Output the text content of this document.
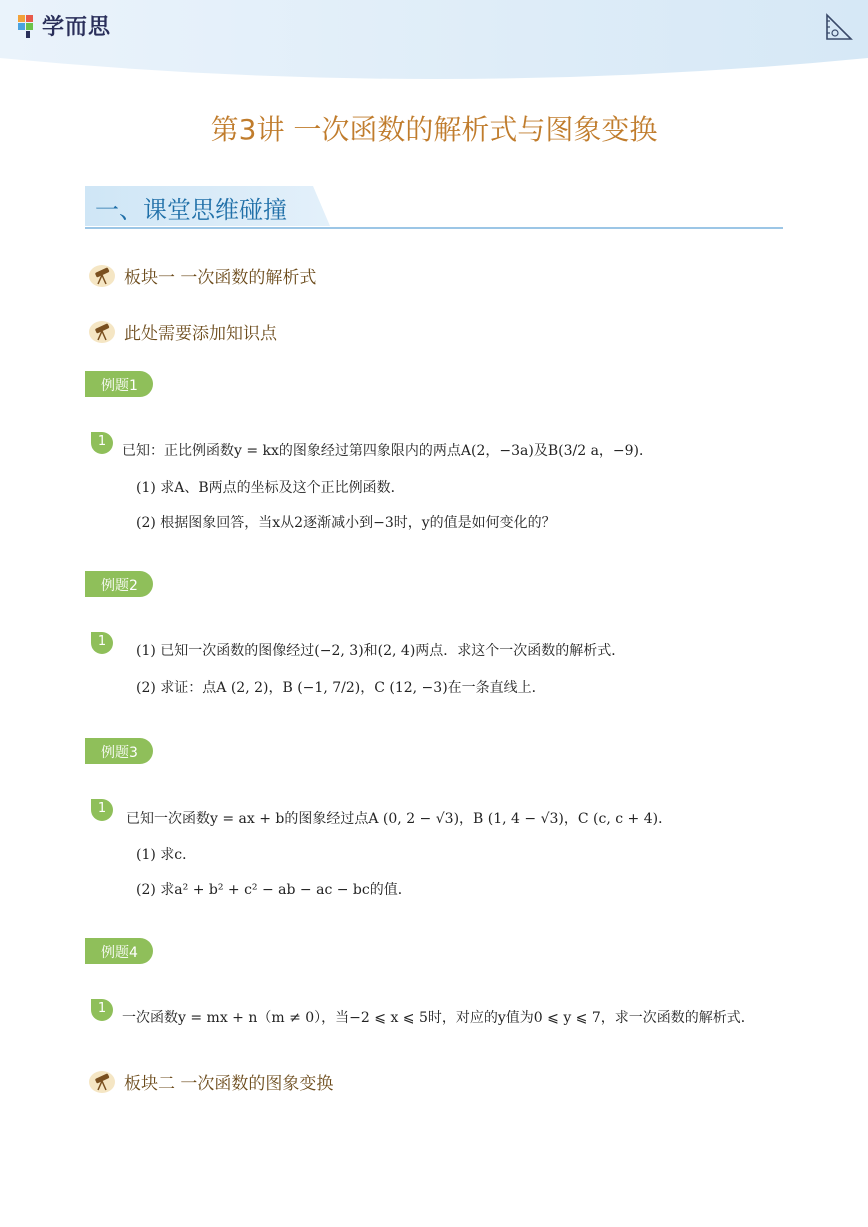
学而思
第3讲 一次函数的解析式与图象变换
一、课堂思维碰撞
板块一 一次函数的解析式
此处需要添加知识点
例题1
1
已知：正比例函数y = kx的图象经过第四象限内的两点A(2，−3a)及B(3/2 a，−9)．
(1) 求A、B两点的坐标及这个正比例函数．
(2) 根据图象回答，当x从2逐渐减小到−3时，y的值是如何变化的？
例题2
1
(1) 已知一次函数的图像经过(−2, 3)和(2, 4)两点．求这个一次函数的解析式．
(2) 求证：点A (2, 2)，B (−1, 7/2)，C (12, −3)在一条直线上．
例题3
1
已知一次函数y = ax + b的图象经过点A (0, 2 − √3)，B (1, 4 − √3)，C (c, c + 4)．
(1) 求c．
(2) 求a² + b² + c² − ab − ac − bc的值．
例题4
1
一次函数y = mx + n（m ≠ 0），当−2 ⩽ x ⩽ 5时，对应的y值为0 ⩽ y ⩽ 7，求一次函数的解析式．
板块二 一次函数的图象变换
